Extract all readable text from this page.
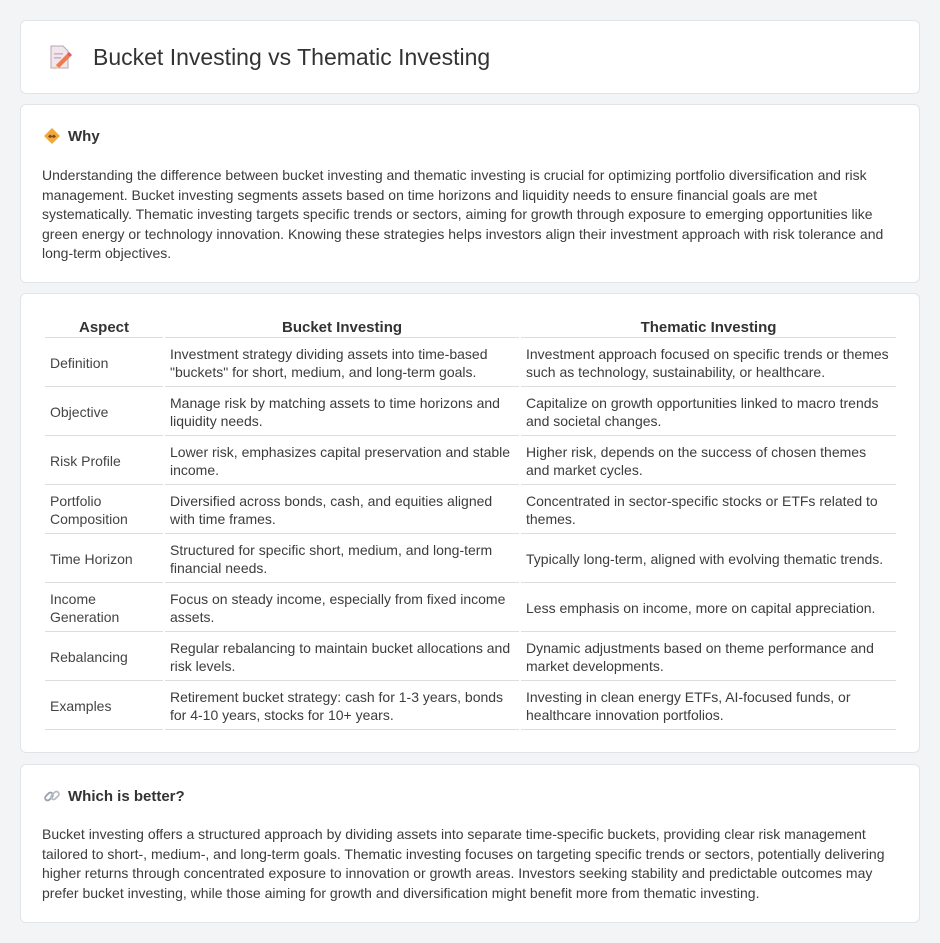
Bucket Investing vs Thematic Investing
Why

Understanding the difference between bucket investing and thematic investing is crucial for optimizing portfolio diversification and risk management. Bucket investing segments assets based on time horizons and liquidity needs to ensure financial goals are met systematically. Thematic investing targets specific trends or sectors, aiming for growth through exposure to emerging opportunities like green energy or technology innovation. Knowing these strategies helps investors align their investment approach with risk tolerance and long-term objectives.

Aspect	Bucket Investing	Thematic Investing
Definition	Investment strategy dividing assets into time-based "buckets" for short, medium, and long-term goals.	Investment approach focused on specific trends or themes such as technology, sustainability, or healthcare.
Objective	Manage risk by matching assets to time horizons and liquidity needs.	Capitalize on growth opportunities linked to macro trends and societal changes.
Risk Profile	Lower risk, emphasizes capital preservation and stable income.	Higher risk, depends on the success of chosen themes and market cycles.
Portfolio Composition	Diversified across bonds, cash, and equities aligned with time frames.	Concentrated in sector-specific stocks or ETFs related to themes.
Time Horizon	Structured for specific short, medium, and long-term financial needs.	Typically long-term, aligned with evolving thematic trends.
Income Generation	Focus on steady income, especially from fixed income assets.	Less emphasis on income, more on capital appreciation.
Rebalancing	Regular rebalancing to maintain bucket allocations and risk levels.	Dynamic adjustments based on theme performance and market developments.
Examples	Retirement bucket strategy: cash for 1-3 years, bonds for 4-10 years, stocks for 10+ years.	Investing in clean energy ETFs, AI-focused funds, or healthcare innovation portfolios.
Which is better?

Bucket investing offers a structured approach by dividing assets into separate time-specific buckets, providing clear risk management tailored to short-, medium-, and long-term goals. Thematic investing focuses on targeting specific trends or sectors, potentially delivering higher returns through concentrated exposure to innovation or growth areas. Investors seeking stability and predictable outcomes may prefer bucket investing, while those aiming for growth and diversification might benefit more from thematic investing.
